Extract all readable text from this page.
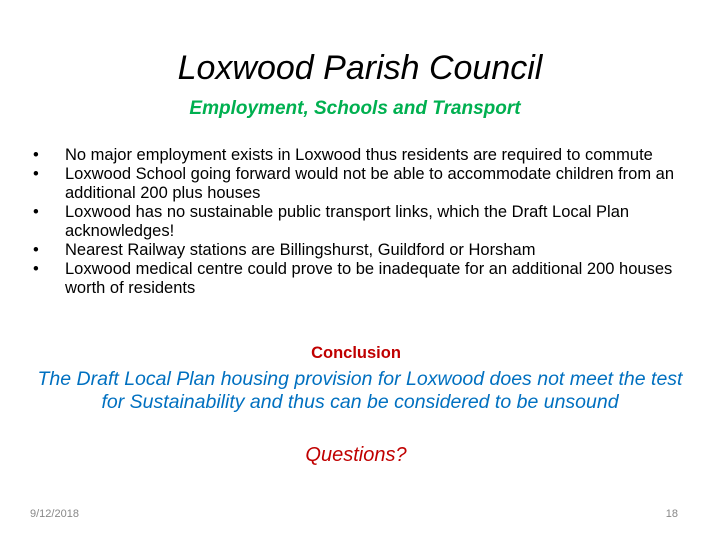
Loxwood Parish Council
Employment, Schools and Transport
• No major employment exists in Loxwood thus residents are required to commute
• Loxwood School going forward would not be able to accommodate children from an additional 200 plus houses
• Loxwood has no sustainable public transport links, which the Draft Local Plan acknowledges!
• Nearest Railway stations are Billingshurst, Guildford or Horsham
• Loxwood medical centre could prove to be inadequate for an additional 200 houses worth of residents
Conclusion
The Draft Local Plan housing provision for Loxwood does not meet the test for Sustainability and thus can be considered to be unsound
Questions?
9/12/2018	18
